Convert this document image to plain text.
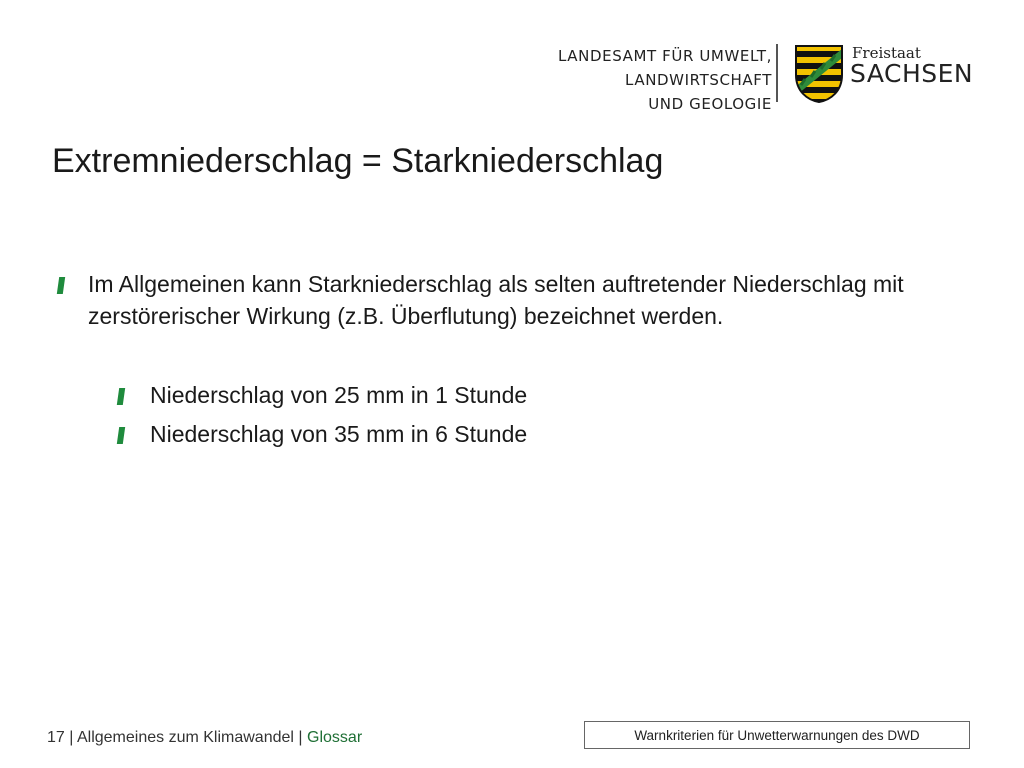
LANDESAMT FÜR UMWELT,
LANDWIRTSCHAFT
UND GEOLOGIE
Freistaat
SACHSEN
Extremniederschlag = Starkniederschlag
Im Allgemeinen kann Starkniederschlag als selten auftretender Niederschlag mit zerstörerischer Wirkung (z.B. Überflutung) bezeichnet werden.
Niederschlag von 25 mm in 1 Stunde
Niederschlag von 35 mm in 6 Stunde
17 | Allgemeines zum Klimawandel | Glossar	Warnkriterien für Unwetterwarnungen des DWD
